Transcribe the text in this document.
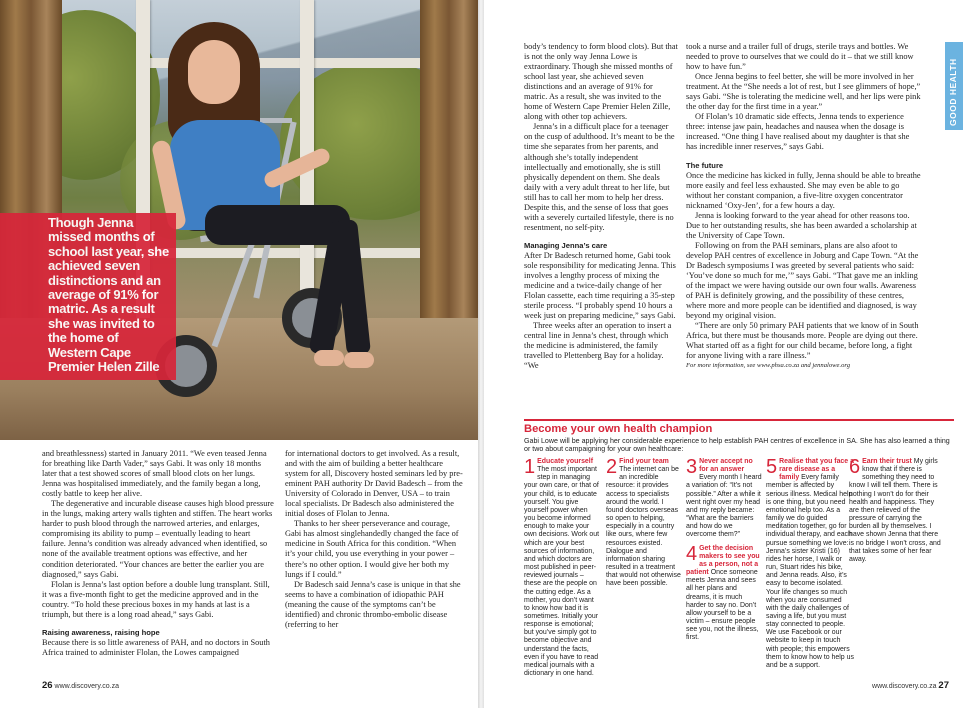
Jenna uses a mobility scooter named Chase to get around
Though Jenna missed months of school last year, she achieved seven distinctions and an average of 91% for matric. As a result she was invited to the home of Western Cape Premier Helen Zille

and breathlessness) started in January 2011. “We even teased Jenna for breathing like Darth Vader,” says Gabi. It was only 18 months later that a test showed scores of small blood clots on her lungs. Jenna was hospitalised immediately, and the family began a long, costly battle to keep her alive.

The degenerative and incurable disease causes high blood pressure in the lungs, making artery walls tighten and stiffen. The heart works harder to push blood through the narrowed arteries, and enlarges, compromising its ability to pump – eventually leading to heart failure. Jenna’s condition was already advanced when identified, so none of the available treatment options was effective, and her condition deteriorated. “Your chances are better the earlier you are diagnosed,” says Gabi.

Flolan is Jenna’s last option before a double lung transplant. Still, it was a five-month fight to get the medicine approved and in the country. “To hold these precious boxes in my hands at last is a triumph, but there is a long road ahead,” says Gabi.

Raising awareness, raising hope

Because there is so little awareness of PAH, and no doctors in South Africa trained to administer Flolan, the Lowes campaigned

for international doctors to get involved. As a result, and with the aim of building a better healthcare system for all, Discovery hosted seminars led by pre-eminent PAH authority Dr David Badesch – from the University of Colorado in Denver, USA – to train local specialists. Dr Badesch also administered the initial doses of Flolan to Jenna.

Thanks to her sheer perseverance and courage, Gabi has almost singlehandedly changed the face of medicine in South Africa for this condition. “When it’s your child, you use everything in your power – there’s no other option. I would give her both my lungs if I could.”

Dr Badesch said Jenna’s case is unique in that she seems to have a combination of idiopathic PAH (meaning the cause of the symptoms can’t be identified) and chronic thrombo-embolic disease (referring to her

body’s tendency to form blood clots). But that is not the only way Jenna Lowe is extraordinary. Though she missed months of school last year, she achieved seven distinctions and an average of 91% for matric. As a result, she was invited to the home of Western Cape Premier Helen Zille, along with other top achievers.

Jenna’s in a difficult place for a teenager on the cusp of adulthood. It’s meant to be the time she separates from her parents, and although she’s totally independent intellectually and emotionally, she is still physically dependent on them. She deals daily with a very adult threat to her life, but still has to call her mom to help her dress. Despite this, and the sense of loss that goes with a severely curtailed lifestyle, there is no resentment, no self-pity.

Managing Jenna’s care

After Dr Badesch returned home, Gabi took sole responsibility for medicating Jenna. This involves a lengthy process of mixing the medicine and a twice-daily change of her Flolan cassette, each time requiring a 35-step sterile process. “I probably spend 10 hours a week just on preparing medicine,” says Gabi.

Three weeks after an operation to insert a central line in Jenna’s chest, through which the medicine is administered, the family travelled to Plettenberg Bay for a holiday. “We

took a nurse and a trailer full of drugs, sterile trays and bottles. We needed to prove to ourselves that we could do it – that we still know how to have fun.”

Once Jenna begins to feel better, she will be more involved in her treatment. At the “She needs a lot of rest, but I see glimmers of hope,” says Gabi. “She is tolerating the medicine well, and her lips were pink the other day for the first time in a year.”

Of Flolan’s 10 dramatic side effects, Jenna tends to experience three: intense jaw pain, headaches and nausea when the dosage is increased. “One thing I have realised about my daughter is that she has incredible inner reserves,” says Gabi.

The future

Once the medicine has kicked in fully, Jenna should be able to breathe more easily and feel less exhausted. She may even be able to go without her constant companion, a five-litre oxygen concentrator nicknamed ‘Oxy-Jen’, for a few hours a day.

Jenna is looking forward to the year ahead for other reasons too. Due to her outstanding results, she has been awarded a scholarship at the University of Cape Town.

Following on from the PAH seminars, plans are also afoot to develop PAH centres of excellence in Joburg and Cape Town. “At the Dr Badesch symposiums I was greeted by several patients who said: ‘You’ve done so much for me,’” says Gabi. “That gave me an inkling of the impact we were having outside our own four walls. Awareness of PAH is definitely growing, and the possibility of these centres, where more and more people can be identified and diagnosed, is way beyond my original vision.

“There are only 50 primary PAH patients that we know of in South Africa, but there must be thousands more. People are dying out there. What started off as a fight for our child became, before long, a fight for anyone living with a rare illness.”

For more information, see www.phsa.co.za and jennalowe.org

GOOD HEALTH
Become your own health champion
Gabi Lowe will be applying her considerable experience to help establish PAH centres of excellence in SA. She has also learned a thing or two about campaigning for your own healthcare:
1 Educate yourself The most important step in managing your own care, or that of your child, is to educate yourself. You give yourself power when you become informed enough to make your own decisions. Work out which are your best sources of information, and which doctors are most published in peer-reviewed journals – these are the people on the cutting edge. As a mother, you don’t want to know how bad it is sometimes. Initially your response is emotional; but you’ve simply got to become objective and understand the facts, even if you have to read medical journals with a dictionary in one hand.
2 Find your team The internet can be an incredible resource: it provides access to specialists around the world. I found doctors overseas so open to helping, especially in a country like ours, where few resources existed. Dialogue and information sharing resulted in a treatment that would not otherwise have been possible.
3 Never accept no for an answer Every month I heard a variation of: “It’s not possible.” After a while it went right over my head and my reply became: “What are the barriers and how do we overcome them?”
4 Get the decision makers to see you as a person, not a patient Once someone meets Jenna and sees all her plans and dreams, it is much harder to say no. Don’t allow yourself to be a victim – ensure people see you, not the illness, first.
5 Realise that you face a rare disease as a family Every family member is affected by serious illness. Medical help is one thing, but you need emotional help too. As a family we do guided meditation together, go for individual therapy, and each pursue something we love: Jenna’s sister Kristi (16) rides her horse, I walk or run, Stuart rides his bike, and Jenna reads. Also, it’s easy to become isolated. Your life changes so much when you are consumed with the daily challenges of saving a life, but you must stay connected to people. We use Facebook or our website to keep in touch with people; this empowers them to know how to help us and be a support.
6 Earn their trust My girls know that if there is something they need to know I will tell them. There is nothing I won’t do for their health and happiness. They are then relieved of the pressure of carrying the burden all by themselves. I have shown Jenna that there is no bridge I won’t cross, and that takes some of her fear away.
26 www.discovery.co.za	www.discovery.co.za 27
